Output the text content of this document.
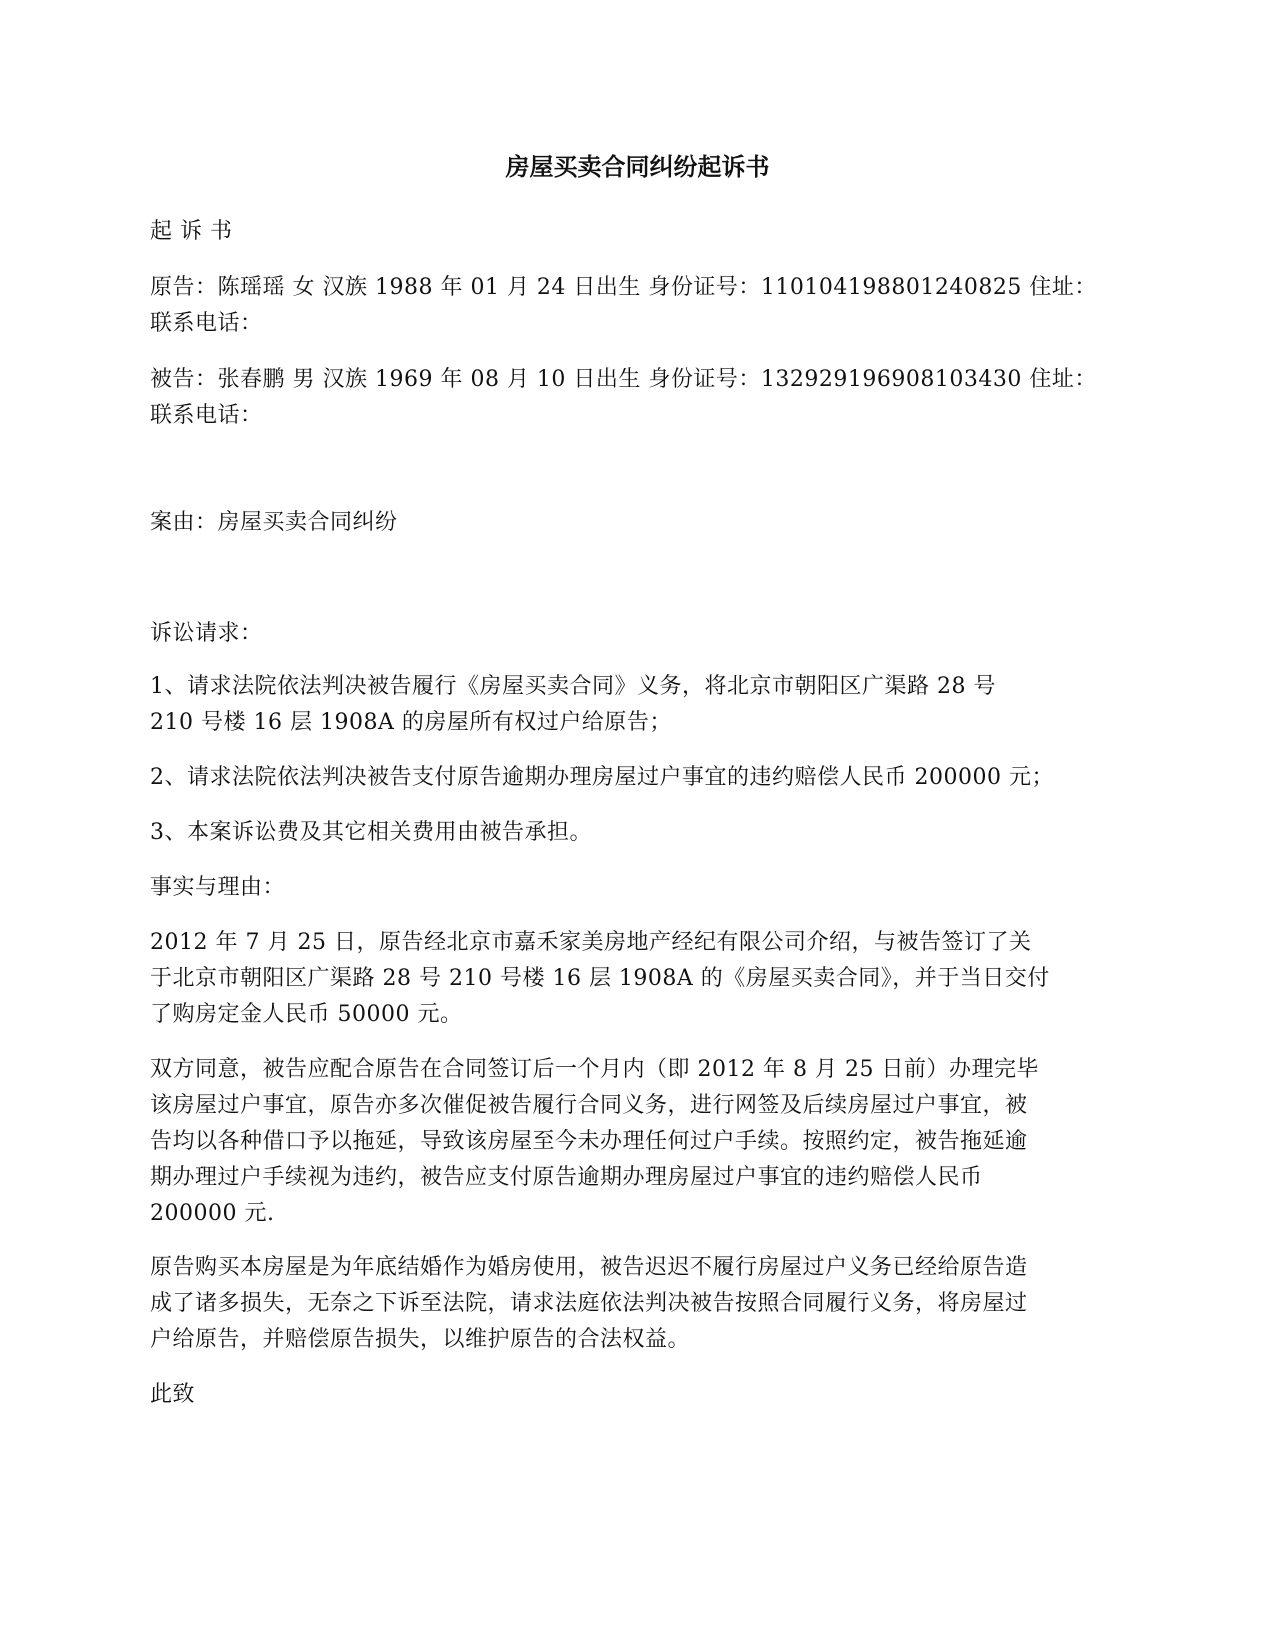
房屋买卖合同纠纷起诉书
起 诉 书
原告：陈瑶瑶 女 汉族 1988 年 01 月 24 日出生 身份证号：110104198801240825 住址：
联系电话：
被告：张春鹏 男 汉族 1969 年 08 月 10 日出生 身份证号：132929196908103430 住址：
联系电话：
案由：房屋买卖合同纠纷
诉讼请求：
1、请求法院依法判决被告履行《房屋买卖合同》义务，将北京市朝阳区广渠路 28 号
210 号楼 16 层 1908A 的房屋所有权过户给原告；
2、请求法院依法判决被告支付原告逾期办理房屋过户事宜的违约赔偿人民币 200000 元；
3、本案诉讼费及其它相关费用由被告承担。
事实与理由：
2012 年 7 月 25 日，原告经北京市嘉禾家美房地产经纪有限公司介绍，与被告签订了关
于北京市朝阳区广渠路 28 号 210 号楼 16 层 1908A 的《房屋买卖合同》，并于当日交付
了购房定金人民币 50000 元。
双方同意，被告应配合原告在合同签订后一个月内（即 2012 年 8 月 25 日前）办理完毕
该房屋过户事宜，原告亦多次催促被告履行合同义务，进行网签及后续房屋过户事宜，被
告均以各种借口予以拖延，导致该房屋至今未办理任何过户手续。按照约定，被告拖延逾
期办理过户手续视为违约，被告应支付原告逾期办理房屋过户事宜的违约赔偿人民币
200000 元.
原告购买本房屋是为年底结婚作为婚房使用，被告迟迟不履行房屋过户义务已经给原告造
成了诸多损失，无奈之下诉至法院，请求法庭依法判决被告按照合同履行义务，将房屋过
户给原告，并赔偿原告损失，以维护原告的合法权益。
此致
